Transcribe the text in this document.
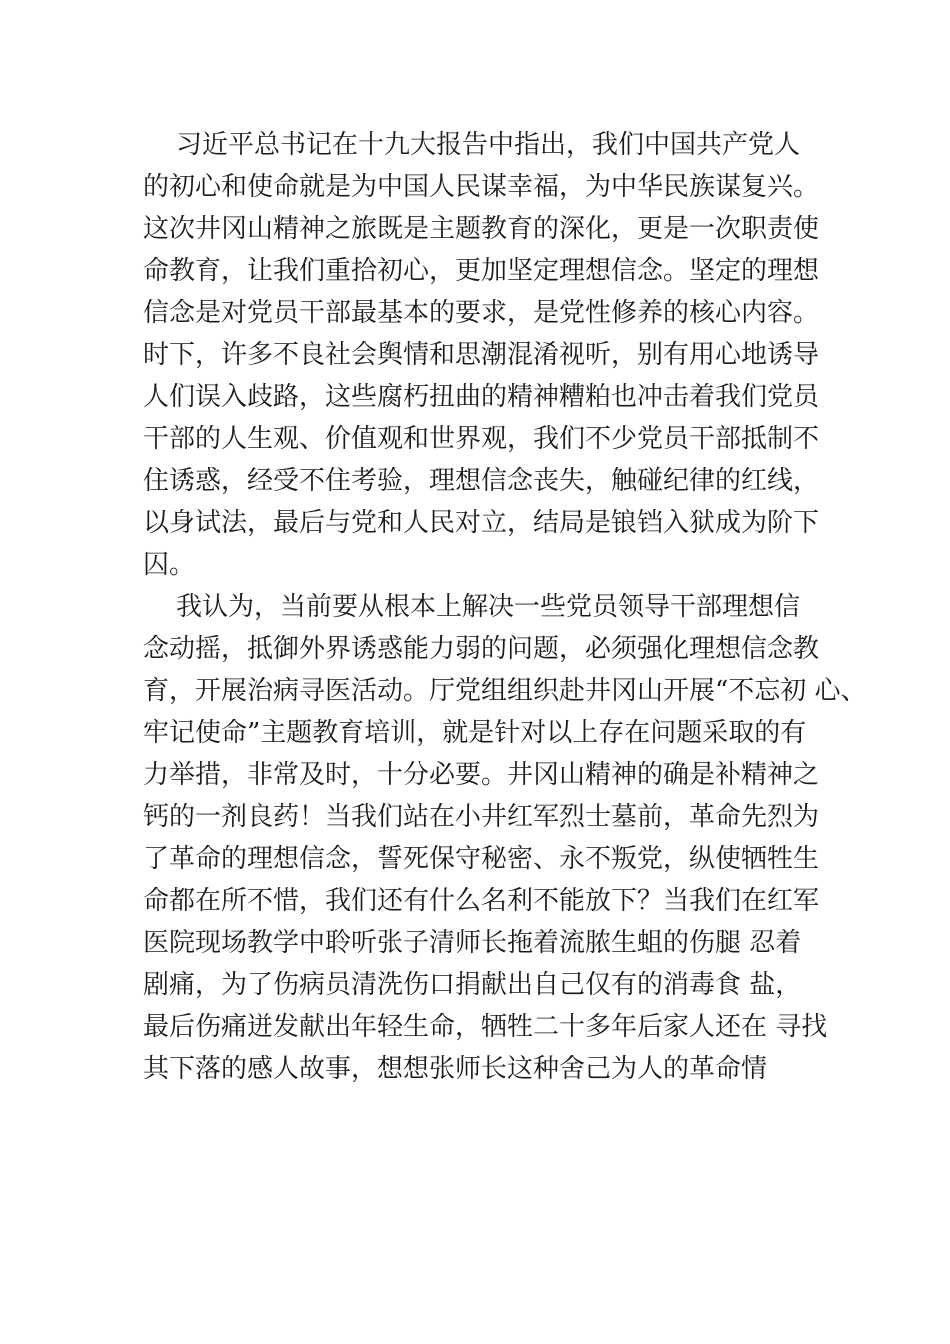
习近平总书记在十九大报告中指出，我们中国共产党人
的初心和使命就是为中国人民谋幸福，为中华民族谋复兴。
这次井冈山精神之旅既是主题教育的深化，更是一次职责使
命教育，让我们重拾初心，更加坚定理想信念。坚定的理想
信念是对党员干部最基本的要求，是党性修养的核心内容。
时下，许多不良社会舆情和思潮混淆视听，别有用心地诱导
人们误入歧路，这些腐朽扭曲的精神糟粕也冲击着我们党员
干部的人生观、价值观和世界观，我们不少党员干部抵制不
住诱惑，经受不住考验，理想信念丧失，触碰纪律的红线，
以身试法，最后与党和人民对立，结局是锒铛入狱成为阶下
囚。
我认为，当前要从根本上解决一些党员领导干部理想信
念动摇，抵御外界诱惑能力弱的问题，必须强化理想信念教
育，开展治病寻医活动。厅党组组织赴井冈山开展“不忘初 心、
牢记使命”主题教育培训，就是针对以上存在问题采取的有
力举措，非常及时，十分必要。井冈山精神的确是补精神之
钙的一剂良药！当我们站在小井红军烈士墓前，革命先烈为
了革命的理想信念，誓死保守秘密、永不叛党，纵使牺牲生
命都在所不惜，我们还有什么名利不能放下？当我们在红军
医院现场教学中聆听张子清师长拖着流脓生蛆的伤腿 忍着
剧痛，为了伤病员清洗伤口捐献出自己仅有的消毒食 盐，
最后伤痛迸发献出年轻生命，牺牲二十多年后家人还在 寻找
其下落的感人故事，想想张师长这种舍己为人的革命情
